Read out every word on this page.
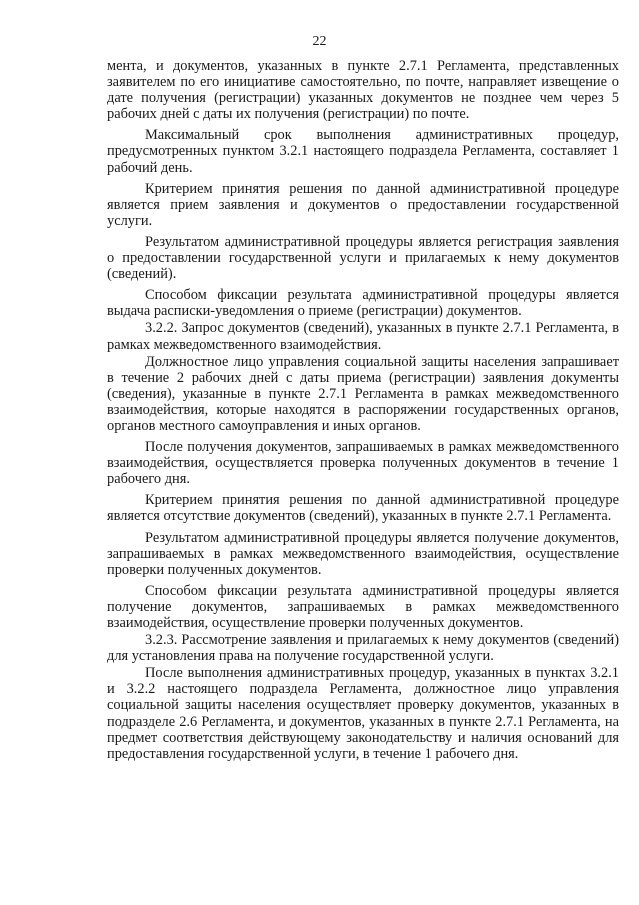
22

мента, и документов, указанных в пункте 2.7.1 Регламента, представленных заявителем по его инициативе самостоятельно, по почте, направляет извещение о дате получения (регистрации) указанных документов не позднее чем через 5 рабочих дней с даты их получения (регистрации) по почте.

Максимальный срок выполнения административных процедур, предусмотренных пунктом 3.2.1 настоящего подраздела Регламента, составляет 1 рабочий день.

Критерием принятия решения по данной административной процедуре является прием заявления и документов о предоставлении государственной услуги.

Результатом административной процедуры является регистрация заявления о предоставлении государственной услуги и прилагаемых к нему документов (сведений).

Способом фиксации результата административной процедуры является выдача расписки-уведомления о приеме (регистрации) документов.

3.2.2. Запрос документов (сведений), указанных в пункте 2.7.1 Регламента, в рамках межведомственного взаимодействия.

Должностное лицо управления социальной защиты населения запрашивает в течение 2 рабочих дней с даты приема (регистрации) заявления документы (сведения), указанные в пункте 2.7.1 Регламента в рамках межведомственного взаимодействия, которые находятся в распоряжении государственных органов, органов местного самоуправления и иных органов.

После получения документов, запрашиваемых в рамках межведомственного взаимодействия, осуществляется проверка полученных документов в течение 1 рабочего дня.

Критерием принятия решения по данной административной процедуре является отсутствие документов (сведений), указанных в пункте 2.7.1 Регламента.

Результатом административной процедуры является получение документов, запрашиваемых в рамках межведомственного взаимодействия, осуществление проверки полученных документов.

Способом фиксации результата административной процедуры является получение документов, запрашиваемых в рамках межведомственного взаимодействия, осуществление проверки полученных документов.

3.2.3. Рассмотрение заявления и прилагаемых к нему документов (сведений) для установления права на получение государственной услуги.

После выполнения административных процедур, указанных в пунктах 3.2.1 и 3.2.2 настоящего подраздела Регламента, должностное лицо управления социальной защиты населения осуществляет проверку документов, указанных в подразделе 2.6 Регламента, и документов, указанных в пункте 2.7.1 Регламента, на предмет соответствия действующему законодательству и наличия оснований для предоставления государственной услуги, в течение 1 рабочего дня.
